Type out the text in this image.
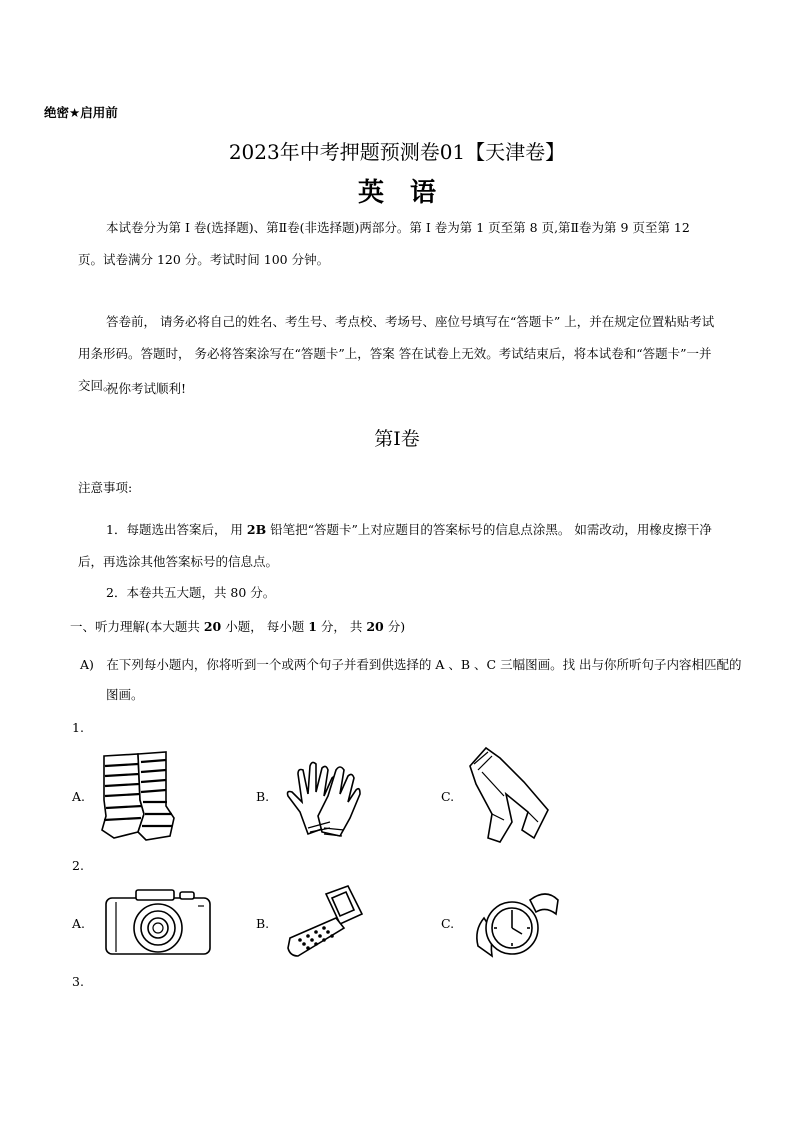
绝密★启用前
2023年中考押题预测卷01【天津卷】
英语
本试卷分为第 I 卷(选择题)、第Ⅱ卷(非选择题)两部分。第 I 卷为第 1 页至第 8 页,第Ⅱ卷为第 9 页至第 12 页。试卷满分 120 分。考试时间 100 分钟。
答卷前， 请务必将自己的姓名、考生号、考点校、考场号、座位号填写在“答题卡” 上，并在规定位置粘贴考试用条形码。答题时， 务必将答案涂写在“答题卡”上，答案 答在试卷上无效。考试结束后，将本试卷和“答题卡”一并交回。
祝你考试顺利!
第I卷
注意事项:
1．每题选出答案后， 用 2B 铅笔把“答题卡”上对应题目的答案标号的信息点涂黑。 如需改动，用橡皮擦干净后，再选涂其他答案标号的信息点。
2．本卷共五大题，共 80 分。
一、听力理解(本大题共 20 小题， 每小题 1 分， 共 20 分)
A)　在下列每小题内，你将听到一个或两个句子并看到供选择的 A 、B 、C 三幅图画。找 出与你所听句子内容相匹配的图画。
1.
A.	B.	C.
2.
A.	B.	C.
3.
